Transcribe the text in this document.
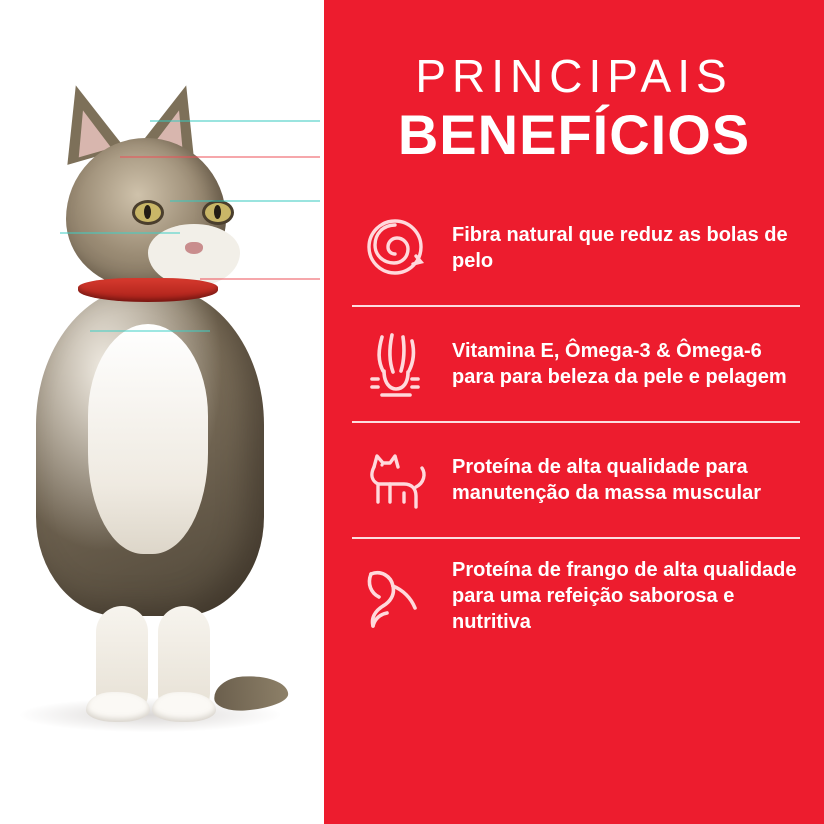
PRINCIPAIS
BENEFÍCIOS
Fibra natural que reduz as bolas de pelo
Vitamina E, Ômega-3 & Ômega-6 para para beleza da pele e pelagem
Proteína de alta qualidade para manutenção da massa muscular
Proteína de frango de alta qualidade para uma refeição saborosa e nutritiva
